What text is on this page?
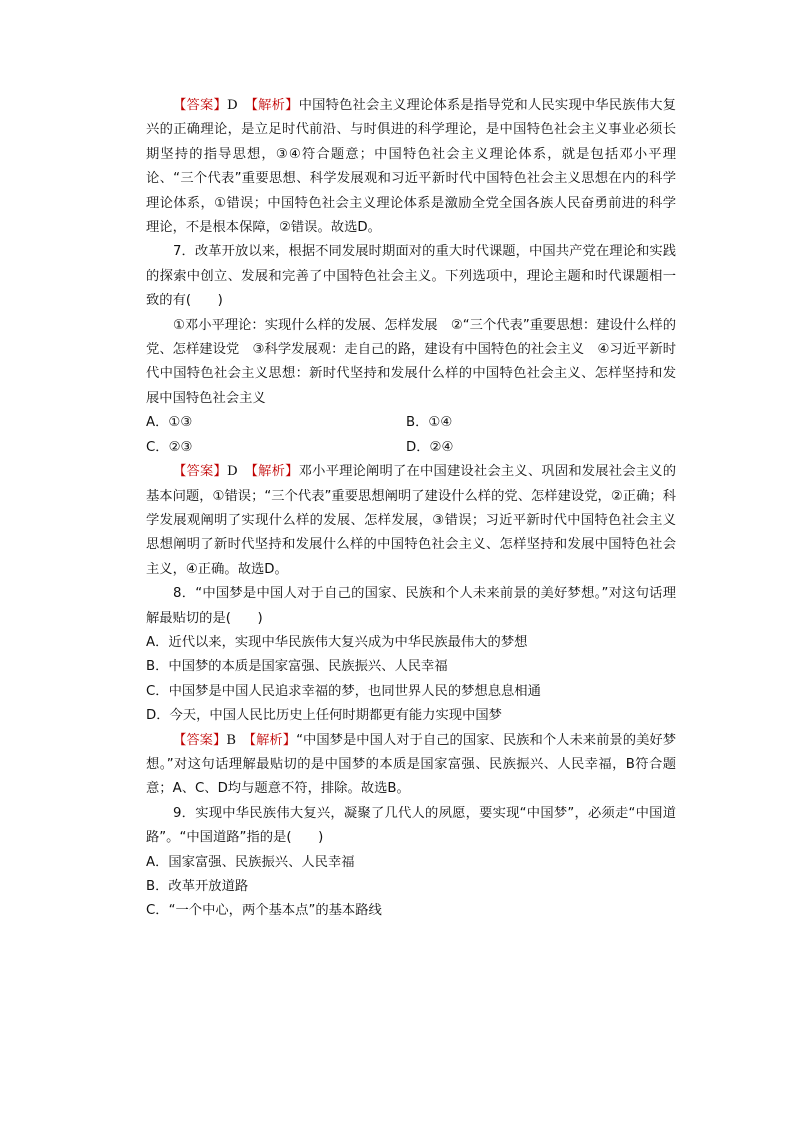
【答案】D　 【解析】中国特色社会主义理论体系是指导党和人民实现中华民族伟大复兴的正确理论，是立足时代前沿、与时俱进的科学理论，是中国特色社会主义事业必须长期坚持的指导思想，③④符合题意；中国特色社会主义理论体系，就是包括邓小平理论、“三个代表”重要思想、科学发展观和习近平新时代中国特色社会主义思想在内的科学理论体系，①错误；中国特色社会主义理论体系是激励全党全国各族人民奋勇前进的科学理论，不是根本保障，②错误。故选D。

7．改革开放以来，根据不同发展时期面对的重大时代课题，中国共产党在理论和实践的探索中创立、发展和完善了中国特色社会主义。下列选项中，理论主题和时代课题相一致的有(　　)

①邓小平理论：实现什么样的发展、怎样发展　②“三个代表”重要思想：建设什么样的党、怎样建设党　③科学发展观：走自己的路，建设有中国特色的社会主义　④习近平新时代中国特色社会主义思想：新时代坚持和发展什么样的中国特色社会主义、怎样坚持和发展中国特色社会主义

A．①③	B．①④
C．②③	D．②④

【答案】D　 【解析】邓小平理论阐明了在中国建设社会主义、巩固和发展社会主义的基本问题，①错误；“三个代表”重要思想阐明了建设什么样的党、怎样建设党，②正确；科学发展观阐明了实现什么样的发展、怎样发展，③错误；习近平新时代中国特色社会主义思想阐明了新时代坚持和发展什么样的中国特色社会主义、怎样坚持和发展中国特色社会主义，④正确。故选D。

8．“中国梦是中国人对于自己的国家、民族和个人未来前景的美好梦想。”对这句话理解最贴切的是(　　)

A．近代以来，实现中华民族伟大复兴成为中华民族最伟大的梦想

B．中国梦的本质是国家富强、民族振兴、人民幸福

C．中国梦是中国人民追求幸福的梦，也同世界人民的梦想息息相通

D．今天，中国人民比历史上任何时期都更有能力实现中国梦

【答案】B　 【解析】“中国梦是中国人对于自己的国家、民族和个人未来前景的美好梦想。”对这句话理解最贴切的是中国梦的本质是国家富强、民族振兴、人民幸福，B符合题意；A、C、D均与题意不符，排除。故选B。

9．实现中华民族伟大复兴，凝聚了几代人的夙愿，要实现“中国梦”，必须走“中国道路”。“中国道路”指的是(　　)

A．国家富强、民族振兴、人民幸福

B．改革开放道路

C．“一个中心，两个基本点”的基本路线
